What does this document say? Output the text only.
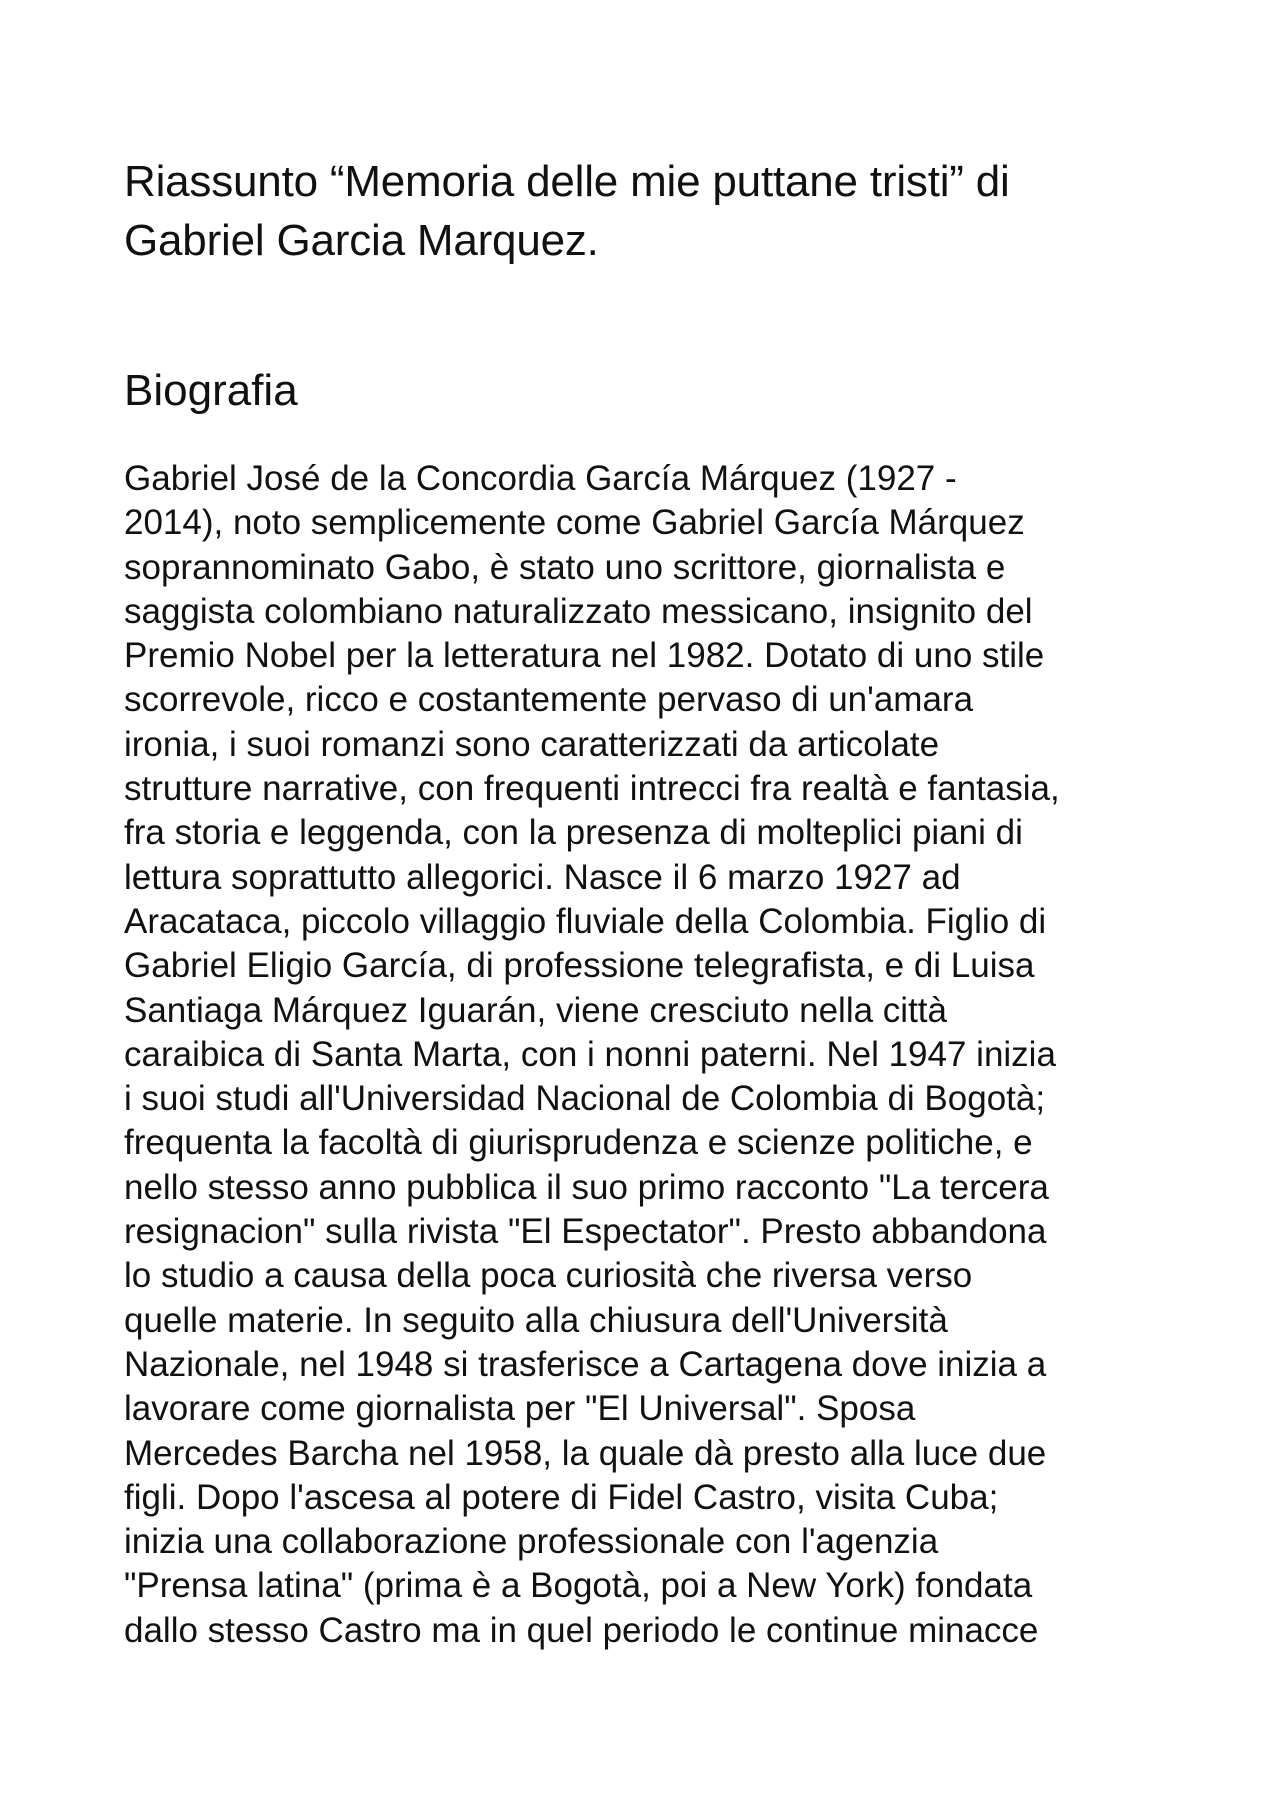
Riassunto “Memoria delle mie puttane tristi” di
Gabriel Garcia Marquez.
Biografia

Gabriel José de la Concordia García Márquez (1927 -
2014), noto semplicemente come Gabriel García Márquez
soprannominato Gabo, è stato uno scrittore, giornalista e
saggista colombiano naturalizzato messicano, insignito del
Premio Nobel per la letteratura nel 1982. Dotato di uno stile
scorrevole, ricco e costantemente pervaso di un'amara
ironia, i suoi romanzi sono caratterizzati da articolate
strutture narrative, con frequenti intrecci fra realtà e fantasia,
fra storia e leggenda, con la presenza di molteplici piani di
lettura soprattutto allegorici. Nasce il 6 marzo 1927 ad
Aracataca, piccolo villaggio fluviale della Colombia. Figlio di
Gabriel Eligio García, di professione telegrafista, e di Luisa
Santiaga Márquez Iguarán, viene cresciuto nella città
caraibica di Santa Marta, con i nonni paterni. Nel 1947 inizia
i suoi studi all'Universidad Nacional de Colombia di Bogotà;
frequenta la facoltà di giurisprudenza e scienze politiche, e
nello stesso anno pubblica il suo primo racconto "La tercera
resignacion" sulla rivista "El Espectator". Presto abbandona
lo studio a causa della poca curiosità che riversa verso
quelle materie. In seguito alla chiusura dell'Università
Nazionale, nel 1948 si trasferisce a Cartagena dove inizia a
lavorare come giornalista per "El Universal". Sposa
Mercedes Barcha nel 1958, la quale dà presto alla luce due
figli. Dopo l'ascesa al potere di Fidel Castro, visita Cuba;
inizia una collaborazione professionale con l'agenzia
"Prensa latina" (prima è a Bogotà, poi a New York) fondata
dallo stesso Castro ma in quel periodo le continue minacce
